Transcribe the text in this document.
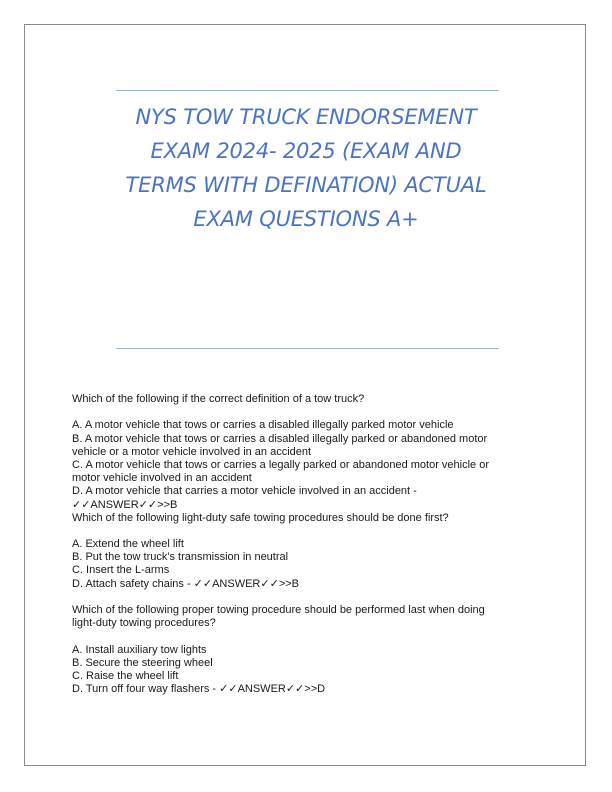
NYS TOW TRUCK ENDORSEMENT
EXAM 2024- 2025 (EXAM AND
TERMS WITH DEFINATION) ACTUAL
EXAM QUESTIONS A+
Which of the following if the correct definition of a tow truck?
A. A motor vehicle that tows or carries a disabled illegally parked motor vehicle
B. A motor vehicle that tows or carries a disabled illegally parked or abandoned motor
vehicle or a motor vehicle involved in an accident
C. A motor vehicle that tows or carries a legally parked or abandoned motor vehicle or
motor vehicle involved in an accident
D. A motor vehicle that carries a motor vehicle involved in an accident -
✓✓ANSWER✓✓>>B
Which of the following light-duty safe towing procedures should be done first?
A. Extend the wheel lift
B. Put the tow truck's transmission in neutral
C. Insert the L-arms
D. Attach safety chains - ✓✓ANSWER✓✓>>B
Which of the following proper towing procedure should be performed last when doing
light-duty towing procedures?
A. Install auxiliary tow lights
B. Secure the steering wheel
C. Raise the wheel lift
D. Turn off four way flashers - ✓✓ANSWER✓✓>>D
